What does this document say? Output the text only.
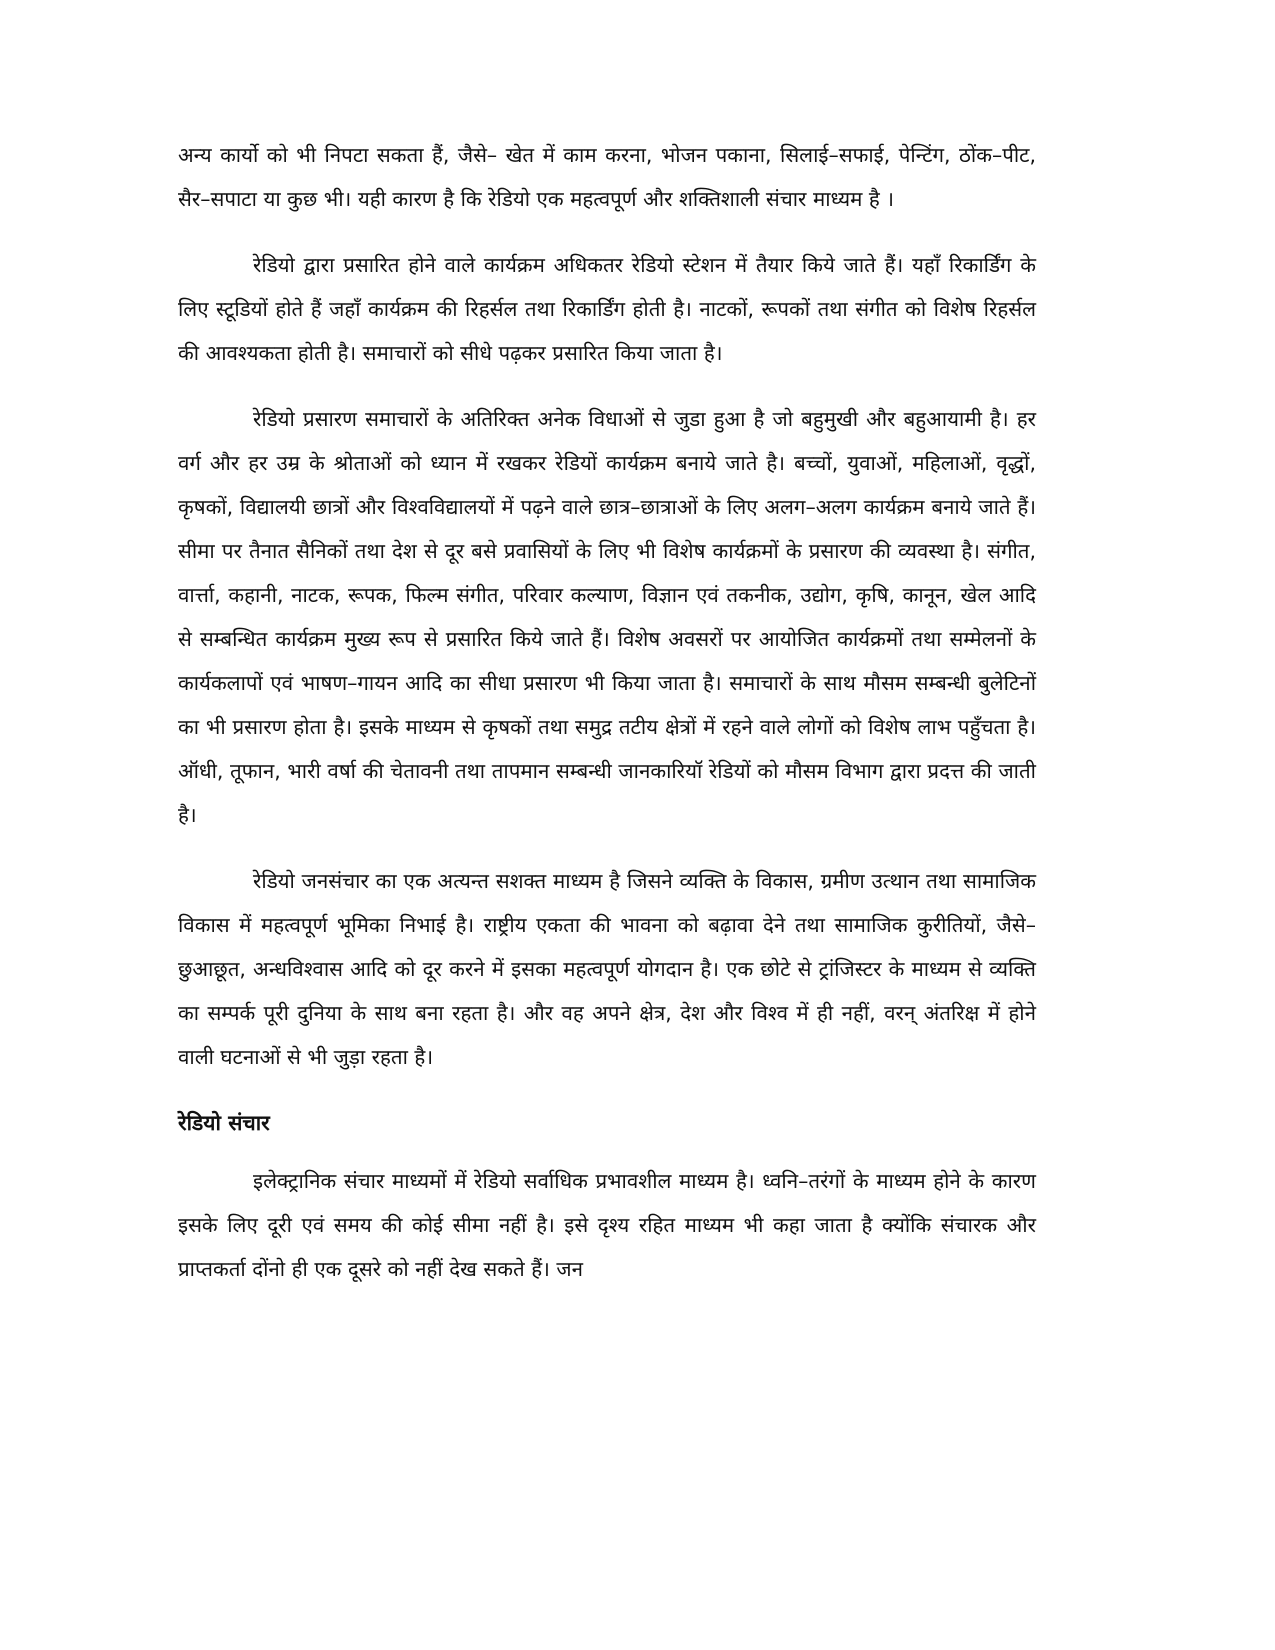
अन्य कार्यो को भी निपटा सकता हैं, जैसे– खेत में काम करना, भोजन पकाना, सिलाई–सफाई, पेन्टिंग, ठोंक–पीट, सैर–सपाटा या कुछ भी। यही कारण है कि रेडियो एक महत्वपूर्ण और शक्तिशाली संचार माध्यम है ।

रेडियो द्वारा प्रसारित होने वाले कार्यक्रम अधिकतर रेडियो स्टेशन में तैयार किये जाते हैं। यहाँ रिकार्डिंग के लिए स्टूडियों होते हैं जहाँ कार्यक्रम की रिहर्सल तथा रिकार्डिंग होती है। नाटकों, रूपकों तथा संगीत को विशेष रिहर्सल की आवश्यकता होती है। समाचारों को सीधे पढ़कर प्रसारित किया जाता है।

रेडियो प्रसारण समाचारों के अतिरिक्त अनेक विधाओं से जुडा हुआ है जो बहुमुखी और बहुआयामी है। हर वर्ग और हर उम्र के श्रोताओं को ध्यान में रखकर रेडियों कार्यक्रम बनाये जाते है। बच्चों, युवाओं, महिलाओं, वृद्धों, कृषकों, विद्यालयी छात्रों और विश्वविद्यालयों में पढ़ने वाले छात्र–छात्राओं के लिए अलग–अलग कार्यक्रम बनाये जाते हैं। सीमा पर तैनात सैनिकों तथा देश से दूर बसे प्रवासियों के लिए भी विशेष कार्यक्रमों के प्रसारण की व्यवस्था है। संगीत, वार्त्ता, कहानी, नाटक, रूपक, फिल्म संगीत, परिवार कल्याण, विज्ञान एवं तकनीक, उद्योग, कृषि, कानून, खेल आदि से सम्बन्धित कार्यक्रम मुख्य रूप से प्रसारित किये जाते हैं। विशेष अवसरों पर आयोजित कार्यक्रमों तथा सम्मेलनों के कार्यकलापों एवं भाषण–गायन आदि का सीधा प्रसारण भी किया जाता है। समाचारों के साथ मौसम सम्बन्धी बुलेटिनों का भी प्रसारण होता है। इसके माध्यम से कृषकों तथा समुद्र तटीय क्षेत्रों में रहने वाले लोगों को विशेष लाभ पहुँचता है। ऑधी, तूफान, भारी वर्षा की चेतावनी तथा तापमान सम्बन्धी जानकारियॉ रेडियों को मौसम विभाग द्वारा प्रदत्त की जाती है।

रेडियो जनसंचार का एक अत्यन्त सशक्त माध्यम है जिसने व्यक्ति के विकास, ग्रमीण उत्थान तथा सामाजिक विकास में महत्वपूर्ण भूमिका निभाई है। राष्ट्रीय एकता की भावना को बढ़ावा देने तथा सामाजिक कुरीतियों, जैसे– छुआछूत, अन्धविश्वास आदि को दूर करने में इसका महत्वपूर्ण योगदान है। एक छोटे से ट्रांजिस्टर के माध्यम से व्यक्ति का सम्पर्क पूरी दुनिया के साथ बना रहता है। और वह अपने क्षेत्र, देश और विश्व में ही नहीं, वरन् अंतरिक्ष में होने वाली घटनाओं से भी जुड़ा रहता है।

रेडियो संचार

इलेक्ट्रानिक संचार माध्यमों में रेडियो सर्वाधिक प्रभावशील माध्यम है। ध्वनि–तरंगों के माध्यम होने के कारण इसके लिए दूरी एवं समय की कोई सीमा नहीं है। इसे दृश्य रहित माध्यम भी कहा जाता है क्योंकि संचारक और प्राप्तकर्ता दोंनो ही एक दूसरे को नहीं देख सकते हैं। जन
